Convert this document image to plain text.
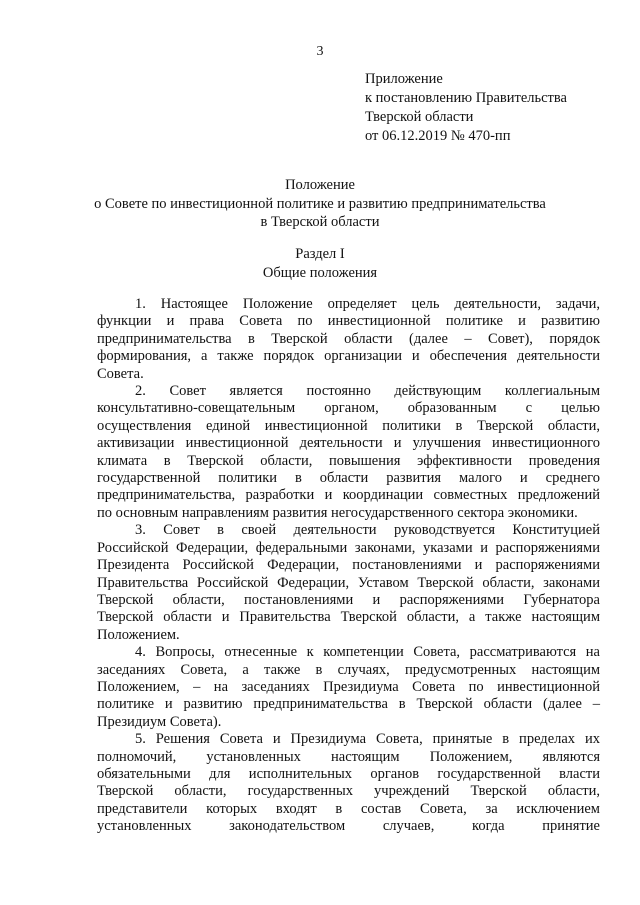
3
Приложение
к постановлению Правительства
Тверской области
от 06.12.2019 № 470-пп
Положение
о Совете по инвестиционной политике и развитию предпринимательства
в Тверской области
Раздел I
Общие положения
1. Настоящее Положение определяет цель деятельности, задачи,
функции и права Совета по инвестиционной политике и развитию
предпринимательства в Тверской области (далее – Совет), порядок
формирования, а также порядок организации и обеспечения деятельности
Совета.
2. Совет является постоянно действующим коллегиальным
консультативно-совещательным органом, образованным с целью
осуществления единой инвестиционной политики в Тверской области,
активизации инвестиционной деятельности и улучшения инвестиционного
климата в Тверской области, повышения эффективности проведения
государственной политики в области развития малого и среднего
предпринимательства, разработки и координации совместных предложений
по основным направлениям развития негосударственного сектора экономики.
3. Совет в своей деятельности руководствуется Конституцией
Российской Федерации, федеральными законами, указами и распоряжениями
Президента Российской Федерации, постановлениями и распоряжениями
Правительства Российской Федерации, Уставом Тверской области, законами
Тверской области, постановлениями и распоряжениями Губернатора
Тверской области и Правительства Тверской области, а также настоящим
Положением.
4. Вопросы, отнесенные к компетенции Совета, рассматриваются на
заседаниях Совета, а также в случаях, предусмотренных настоящим
Положением, – на заседаниях Президиума Совета по инвестиционной
политике и развитию предпринимательства в Тверской области (далее –
Президиум Совета).
5. Решения Совета и Президиума Совета, принятые в пределах их
полномочий, установленных настоящим Положением, являются
обязательными для исполнительных органов государственной власти
Тверской области, государственных учреждений Тверской области,
представители которых входят в состав Совета, за исключением
установленных законодательством случаев, когда принятие
